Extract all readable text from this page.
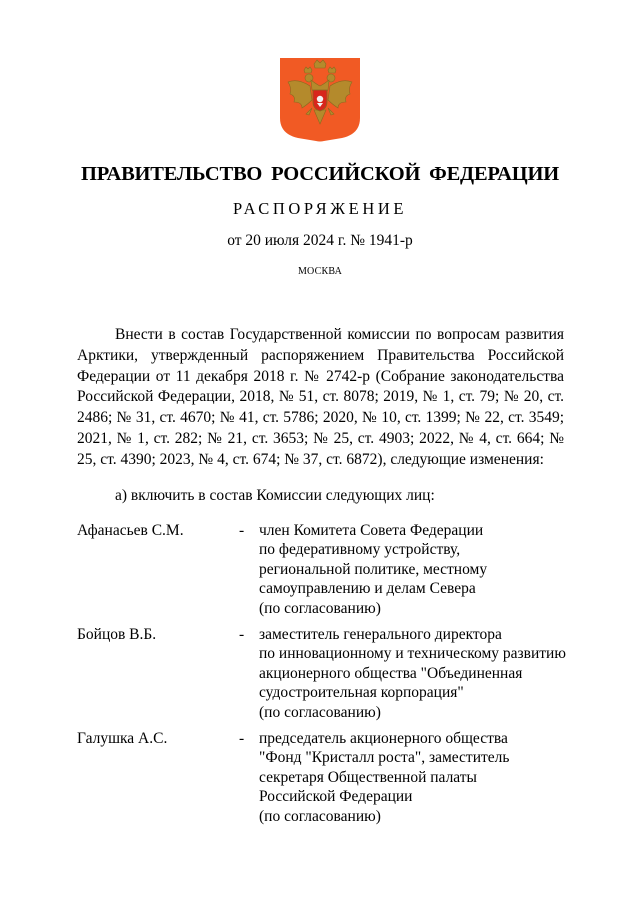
ПРАВИТЕЛЬСТВО РОССИЙСКОЙ ФЕДЕРАЦИИ
РАСПОРЯЖЕНИЕ
от 20 июля 2024 г. № 1941-р
МОСКВА

Внести в состав Государственной комиссии по вопросам развития Арктики, утвержденный распоряжением Правительства Российской Федерации от 11 декабря 2018 г. № 2742-р (Собрание законодательства Российской Федерации, 2018, № 51, ст. 8078; 2019, № 1, ст. 79; № 20, ст. 2486; № 31, ст. 4670; № 41, ст. 5786; 2020, № 10, ст. 1399; № 22, ст. 3549; 2021, № 1, ст. 282; № 21, ст. 3653; № 25, ст. 4903; 2022, № 4, ст. 664; № 25, ст. 4390; 2023, № 4, ст. 674; № 37, ст. 6872), следующие изменения:

а) включить в состав Комиссии следующих лиц:

Афанасьев С.М.	- член Комитета Совета Федерации
по федеративному устройству,
региональной политике, местному
самоуправлению и делам Севера
(по согласованию)
Бойцов В.Б.	- заместитель генерального директора
по инновационному и техническому развитию
акционерного общества "Объединенная
судостроительная корпорация"
(по согласованию)
Галушка А.С.	- председатель акционерного общества
"Фонд "Кристалл роста", заместитель
секретаря Общественной палаты
Российской Федерации
(по согласованию)
